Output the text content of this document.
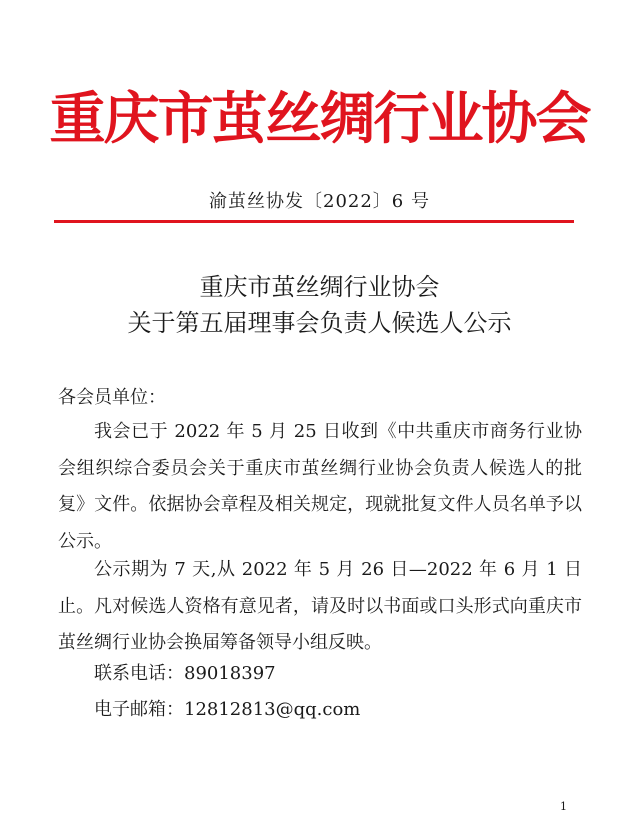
重庆市茧丝绸行业协会
渝茧丝协发〔2022〕6 号
重庆市茧丝绸行业协会
关于第五届理事会负责人候选人公示
各会员单位：

我会已于 2022 年 5 月 25 日收到《中共重庆市商务行业协会组织综合委员会关于重庆市茧丝绸行业协会负责人候选人的批复》文件。依据协会章程及相关规定，现就批复文件人员名单予以公示。

公示期为 7 天,从 2022 年 5 月 26 日—2022 年 6 月 1 日止。凡对候选人资格有意见者，请及时以书面或口头形式向重庆市茧丝绸行业协会换届筹备领导小组反映。

联系电话：89018397
电子邮箱：12812813@qq.com
1
